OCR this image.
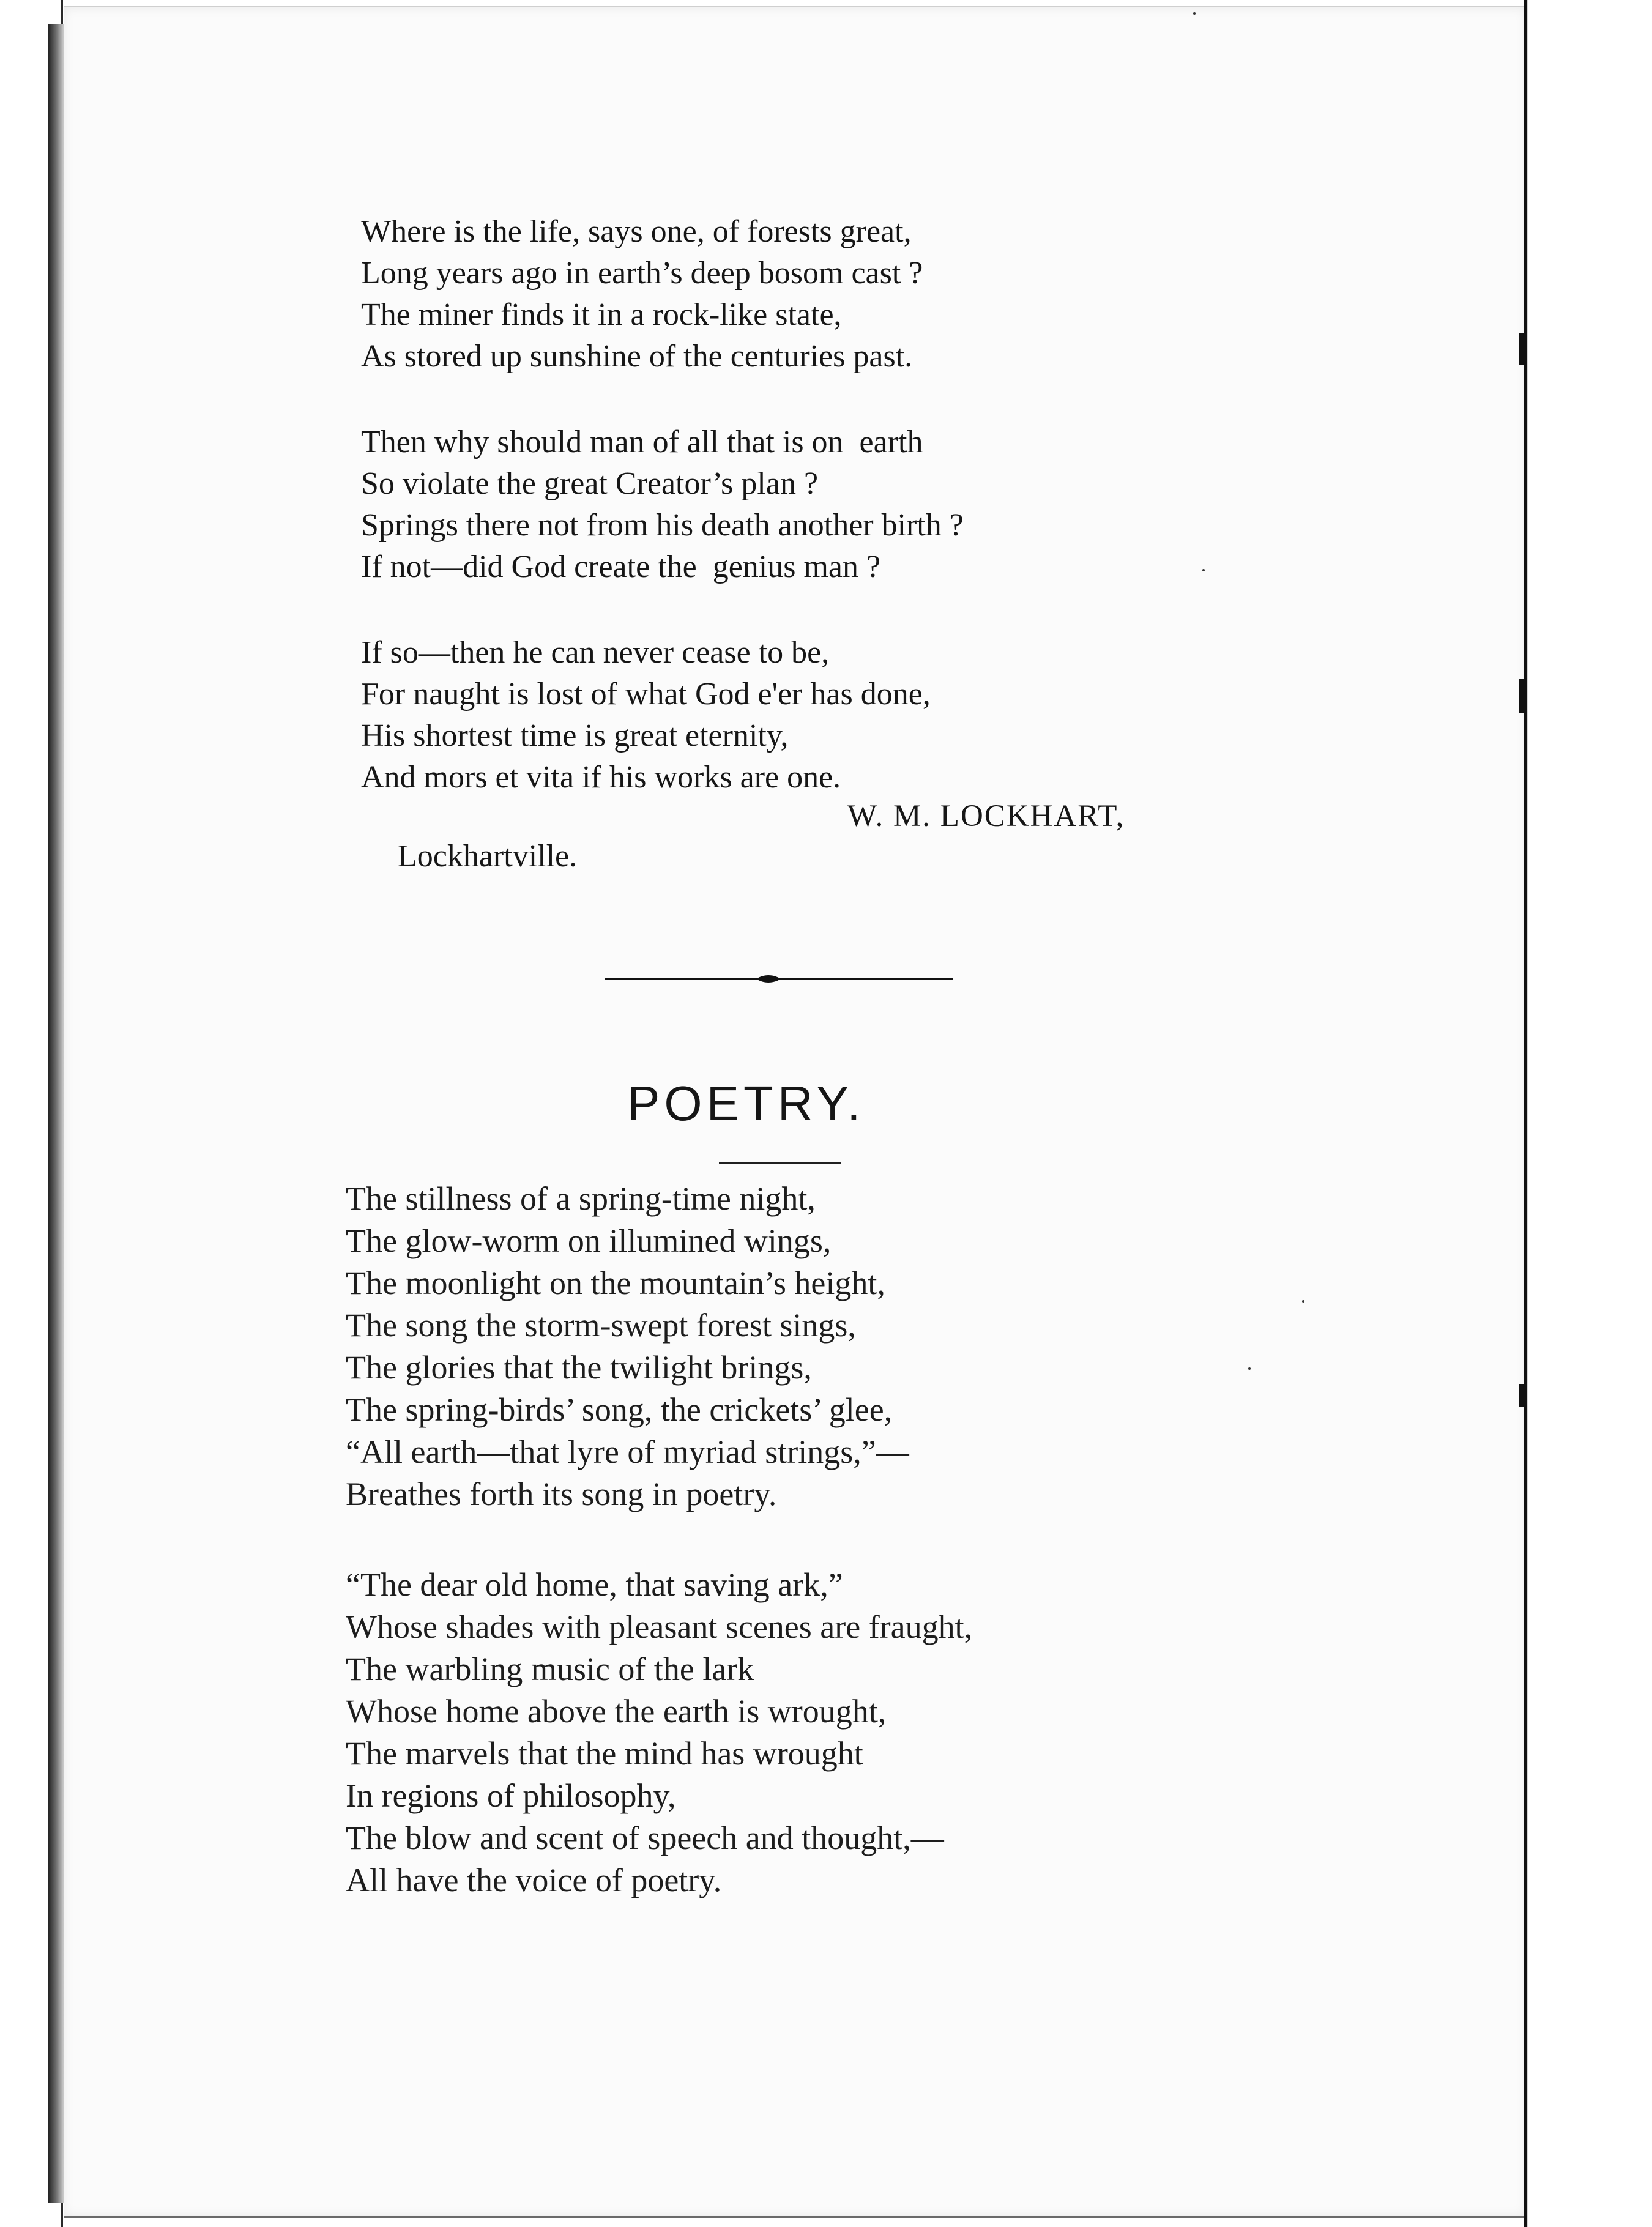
Where is the life, says one, of forests great,
Long years ago in earth’s deep bosom cast ?
The miner finds it in a rock-like state,
As stored up sunshine of the centuries past.
Then why should man of all that is on  earth
So violate the great Creator’s plan ?
Springs there not from his death another birth ?
If not—did God create the  genius man ?
If so—then he can never cease to be,
For naught is lost of what God e'er has done,
His shortest time is great eternity,
And mors et vita if his works are one.
W. M. LOCKHART,
Lockhartville.
POETRY.
The stillness of a spring-time night,
The glow-worm on illumined wings,
The moonlight on the mountain’s height,
The song the storm-swept forest sings,
The glories that the twilight brings,
The spring-birds’ song, the crickets’ glee,
“All earth—that lyre of myriad strings,”—
Breathes forth its song in poetry.
“The dear old home, that saving ark,”
Whose shades with pleasant scenes are fraught,
The warbling music of the lark
Whose home above the earth is wrought,
The marvels that the mind has wrought
In regions of philosophy,
The blow and scent of speech and thought,—
All have the voice of poetry.
